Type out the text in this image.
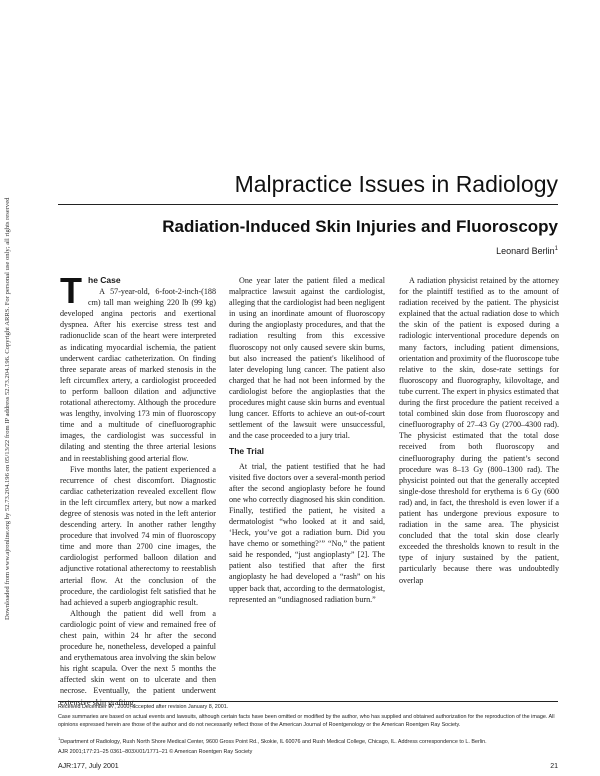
Downloaded from www.ajronline.org by 52.73.204.196 on 05/13/22 from IP address 52.73.204.196. Copyright ARRS. For personal use only; all rights reserved
Malpractice Issues in Radiology
Radiation-Induced Skin Injuries and Fluoroscopy
Leonard Berlin$^1$
T he Case
A 57-year-old, 6-foot-2-inch-(188 cm) tall man weighing 220 lb (99 kg) developed angina pectoris and exertional dyspnea. After his exercise stress test and radionuclide scan of the heart were interpreted as indicating myocardial ischemia, the patient underwent cardiac catheterization. On finding three separate areas of marked stenosis in the left circumflex artery, a cardiologist proceeded to perform balloon dilation and adjunctive rotational atherectomy. Although the procedure was lengthy, involving 173 min of fluoroscopy time and a multitude of cinefluorographic images, the cardiologist was successful in dilating and stenting the three arterial lesions and in reestablishing good arterial flow.

Five months later, the patient experienced a recurrence of chest discomfort. Diagnostic cardiac catheterization revealed excellent flow in the left circumflex artery, but now a marked degree of stenosis was noted in the left anterior descending artery. In another rather lengthy procedure that involved 74 min of fluoroscopy time and more than 2700 cine images, the cardiologist performed balloon dilation and adjunctive rotational atherectomy to reestablish arterial flow. At the conclusion of the procedure, the cardiologist felt satisfied that he had achieved a superb angiographic result.

Although the patient did well from a cardiologic point of view and remained free of chest pain, within 24 hr after the second procedure he, nonetheless, developed a painful and erythematous area involving the skin below his right scapula. Over the next 5 months the affected skin went on to ulcerate and then necrose. Eventually, the patient underwent extensive skin grafting.

One year later the patient filed a medical malpractice lawsuit against the cardiologist, alleging that the cardiologist had been negligent in using an inordinate amount of fluoroscopy during the angioplasty procedures, and that the radiation resulting from this excessive fluoroscopy not only caused severe skin burns, but also increased the patient's likelihood of later developing lung cancer. The patient also charged that he had not been informed by the cardiologist before the angioplasties that the procedures might cause skin burns and eventual lung cancer. Efforts to achieve an out-of-court settlement of the lawsuit were unsuccessful, and the case proceeded to a jury trial.

The Trial

At trial, the patient testified that he had visited five doctors over a several-month period after the second angioplasty before he found one who correctly diagnosed his skin condition. Finally, testified the patient, he visited a dermatologist “who looked at it and said, ‘Heck, you’ve got a radiation burn. Did you have chemo or something?’” “No,” the patient said he responded, “just angioplasty” [2]. The patient also testified that after the first angioplasty he had developed a “rash” on his upper back that, according to the dermatologist, represented an “undiagnosed radiation burn.”

A radiation physicist retained by the attorney for the plaintiff testified as to the amount of radiation received by the patient. The physicist explained that the actual radiation dose to which the skin of the patient is exposed during a radiologic interventional procedure depends on many factors, including patient dimensions, orientation and proximity of the fluoroscope tube relative to the skin, dose-rate settings for fluoroscopy and fluorography, kilovoltage, and tube current. The expert in physics estimated that during the first procedure the patient received a total combined skin dose from fluoroscopy and cinefluorography of 27–43 Gy (2700–4300 rad). The physicist estimated that the total dose received from both fluoroscopy and cinefluorography during the patient’s second procedure was 8–13 Gy (800–1300 rad). The physicist pointed out that the generally accepted single-dose threshold for erythema is 6 Gy (600 rad) and, in fact, the threshold is even lower if a patient has undergone previous exposure to radiation in the same area. The physicist concluded that the total skin dose clearly exceeded the thresholds known to result in the type of injury sustained by the patient, particularly because there was undoubtedly overlap

Received December 27, 2000; accepted after revision January 8, 2001.

Case summaries are based on actual events and lawsuits, although certain facts have been omitted or modified by the author, who has supplied and obtained authorization for the reproduction of the image. All opinions expressed herein are those of the author and do not necessarily reflect those of the American Journal of Roentgenology or the American Roentgen Ray Society.

$^1$Department of Radiology, Rush North Shore Medical Center, 9600 Gross Point Rd., Skokie, IL 60076 and Rush Medical College, Chicago, IL. Address correspondence to L. Berlin.

AJR 2001;177:21–25 0361–803X/01/1771–21 © American Roentgen Ray Society

AJR:177, July 2001	21
